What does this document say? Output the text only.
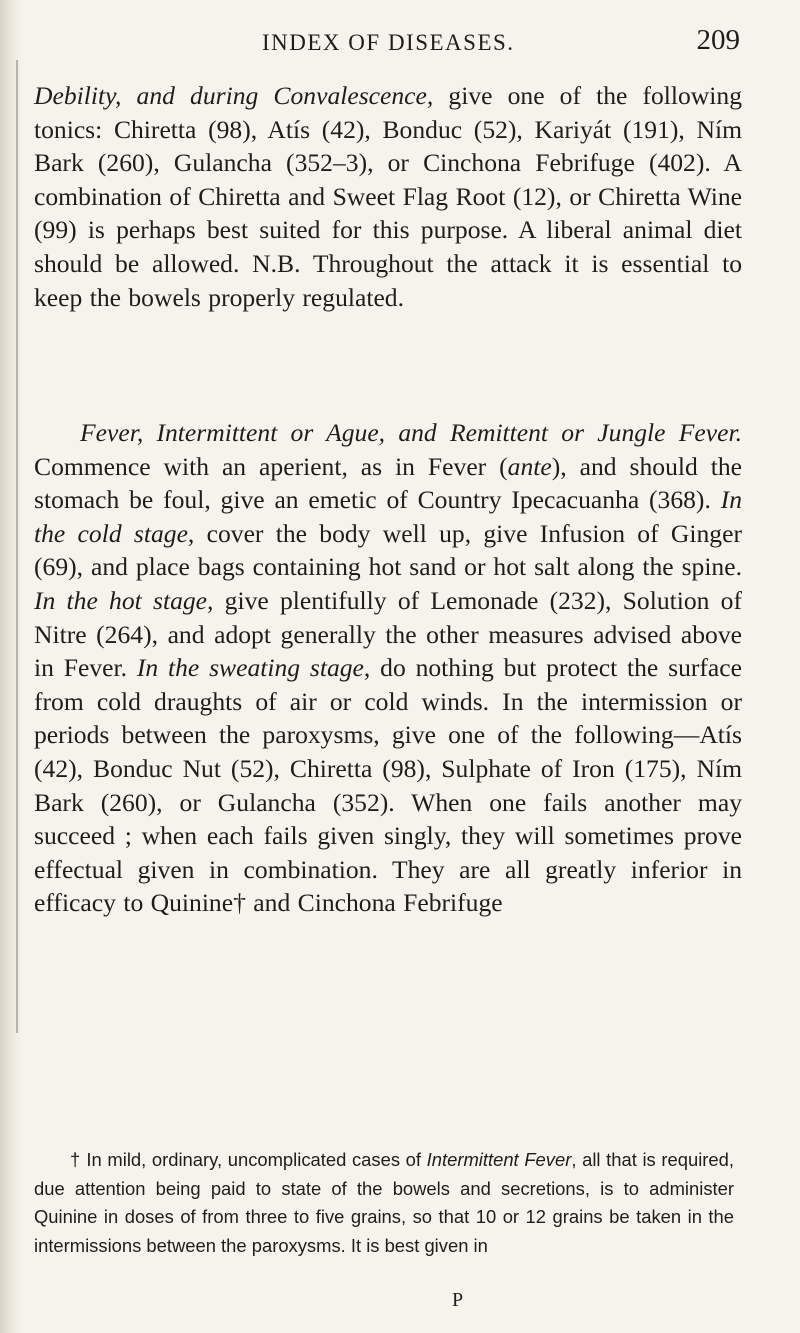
INDEX OF DISEASES.	209

Debility, and during Convalescence, give one of the following tonics: Chiretta (98), Atís (42), Bonduc (52), Kariyát (191), Ním Bark (260), Gulancha (352–3), or Cinchona Febrifuge (402). A combination of Chiretta and Sweet Flag Root (12), or Chiretta Wine (99) is perhaps best suited for this purpose. A liberal animal diet should be allowed. N.B. Throughout the attack it is essential to keep the bowels properly regulated.

Fever, Intermittent or Ague, and Remittent or Jungle Fever. Commence with an aperient, as in Fever (ante), and should the stomach be foul, give an emetic of Country Ipecacuanha (368). In the cold stage, cover the body well up, give Infusion of Ginger (69), and place bags containing hot sand or hot salt along the spine. In the hot stage, give plentifully of Lemonade (232), Solution of Nitre (264), and adopt generally the other measures advised above in Fever. In the sweating stage, do nothing but protect the surface from cold draughts of air or cold winds. In the intermission or periods between the paroxysms, give one of the following—Atís (42), Bonduc Nut (52), Chiretta (98), Sulphate of Iron (175), Ním Bark (260), or Gulancha (352). When one fails another may succeed ; when each fails given singly, they will sometimes prove effectual given in combination. They are all greatly inferior in efficacy to Quinine† and Cinchona Febrifuge

† In mild, ordinary, uncomplicated cases of Intermittent Fever, all that is required, due attention being paid to state of the bowels and secretions, is to administer Quinine in doses of from three to five grains, so that 10 or 12 grains be taken in the intermissions between the paroxysms. It is best given in
P
